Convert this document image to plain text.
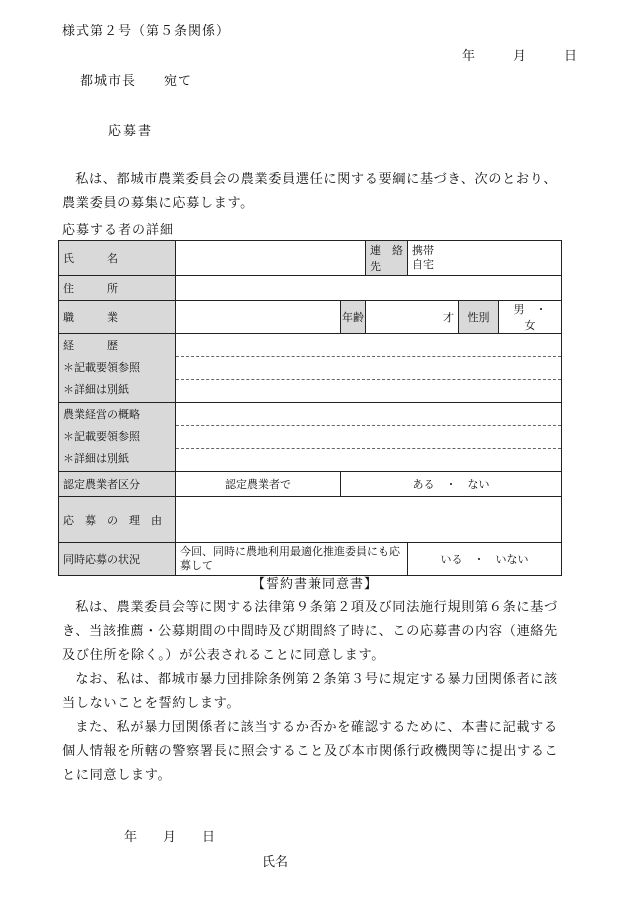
様式第２号（第５条関係）
年	月	日
都城市長　　宛て
応募書
私は、都城市農業委員会の農業委員選任に関する要綱に基づき、次のとおり、農業委員の募集に応募します。
応募する者の詳細
氏　　　名			連　絡　先	携帯
自宅		

住　　　所						
職　　　業		年齢	才		性別	男　・　女

経　　　歴
＊記載要領参照
＊詳細は別紙						

農業経営の概略
＊記載要領参照
＊詳細は別紙						

認定農業者区分	認定農業者で	ある　・　ない				
応　募　の　理　由						
同時応募の状況	今回、同時に農地利用最適化推進委員にも応募して			いる　・　いない		
【誓約書兼同意書】

私は、農業委員会等に関する法律第９条第２項及び同法施行規則第６条に基づき、当該推薦・公募期間の中間時及び期間終了時に、この応募書の内容（連絡先及び住所を除く。）が公表されることに同意します。

なお、私は、都城市暴力団排除条例第２条第３号に規定する暴力団関係者に該当しないことを誓約します。

また、私が暴力団関係者に該当するか否かを確認するために、本書に記載する個人情報を所轄の警察署長に照会すること及び本市関係行政機関等に提出することに同意します。

年　　月　　日
氏名
